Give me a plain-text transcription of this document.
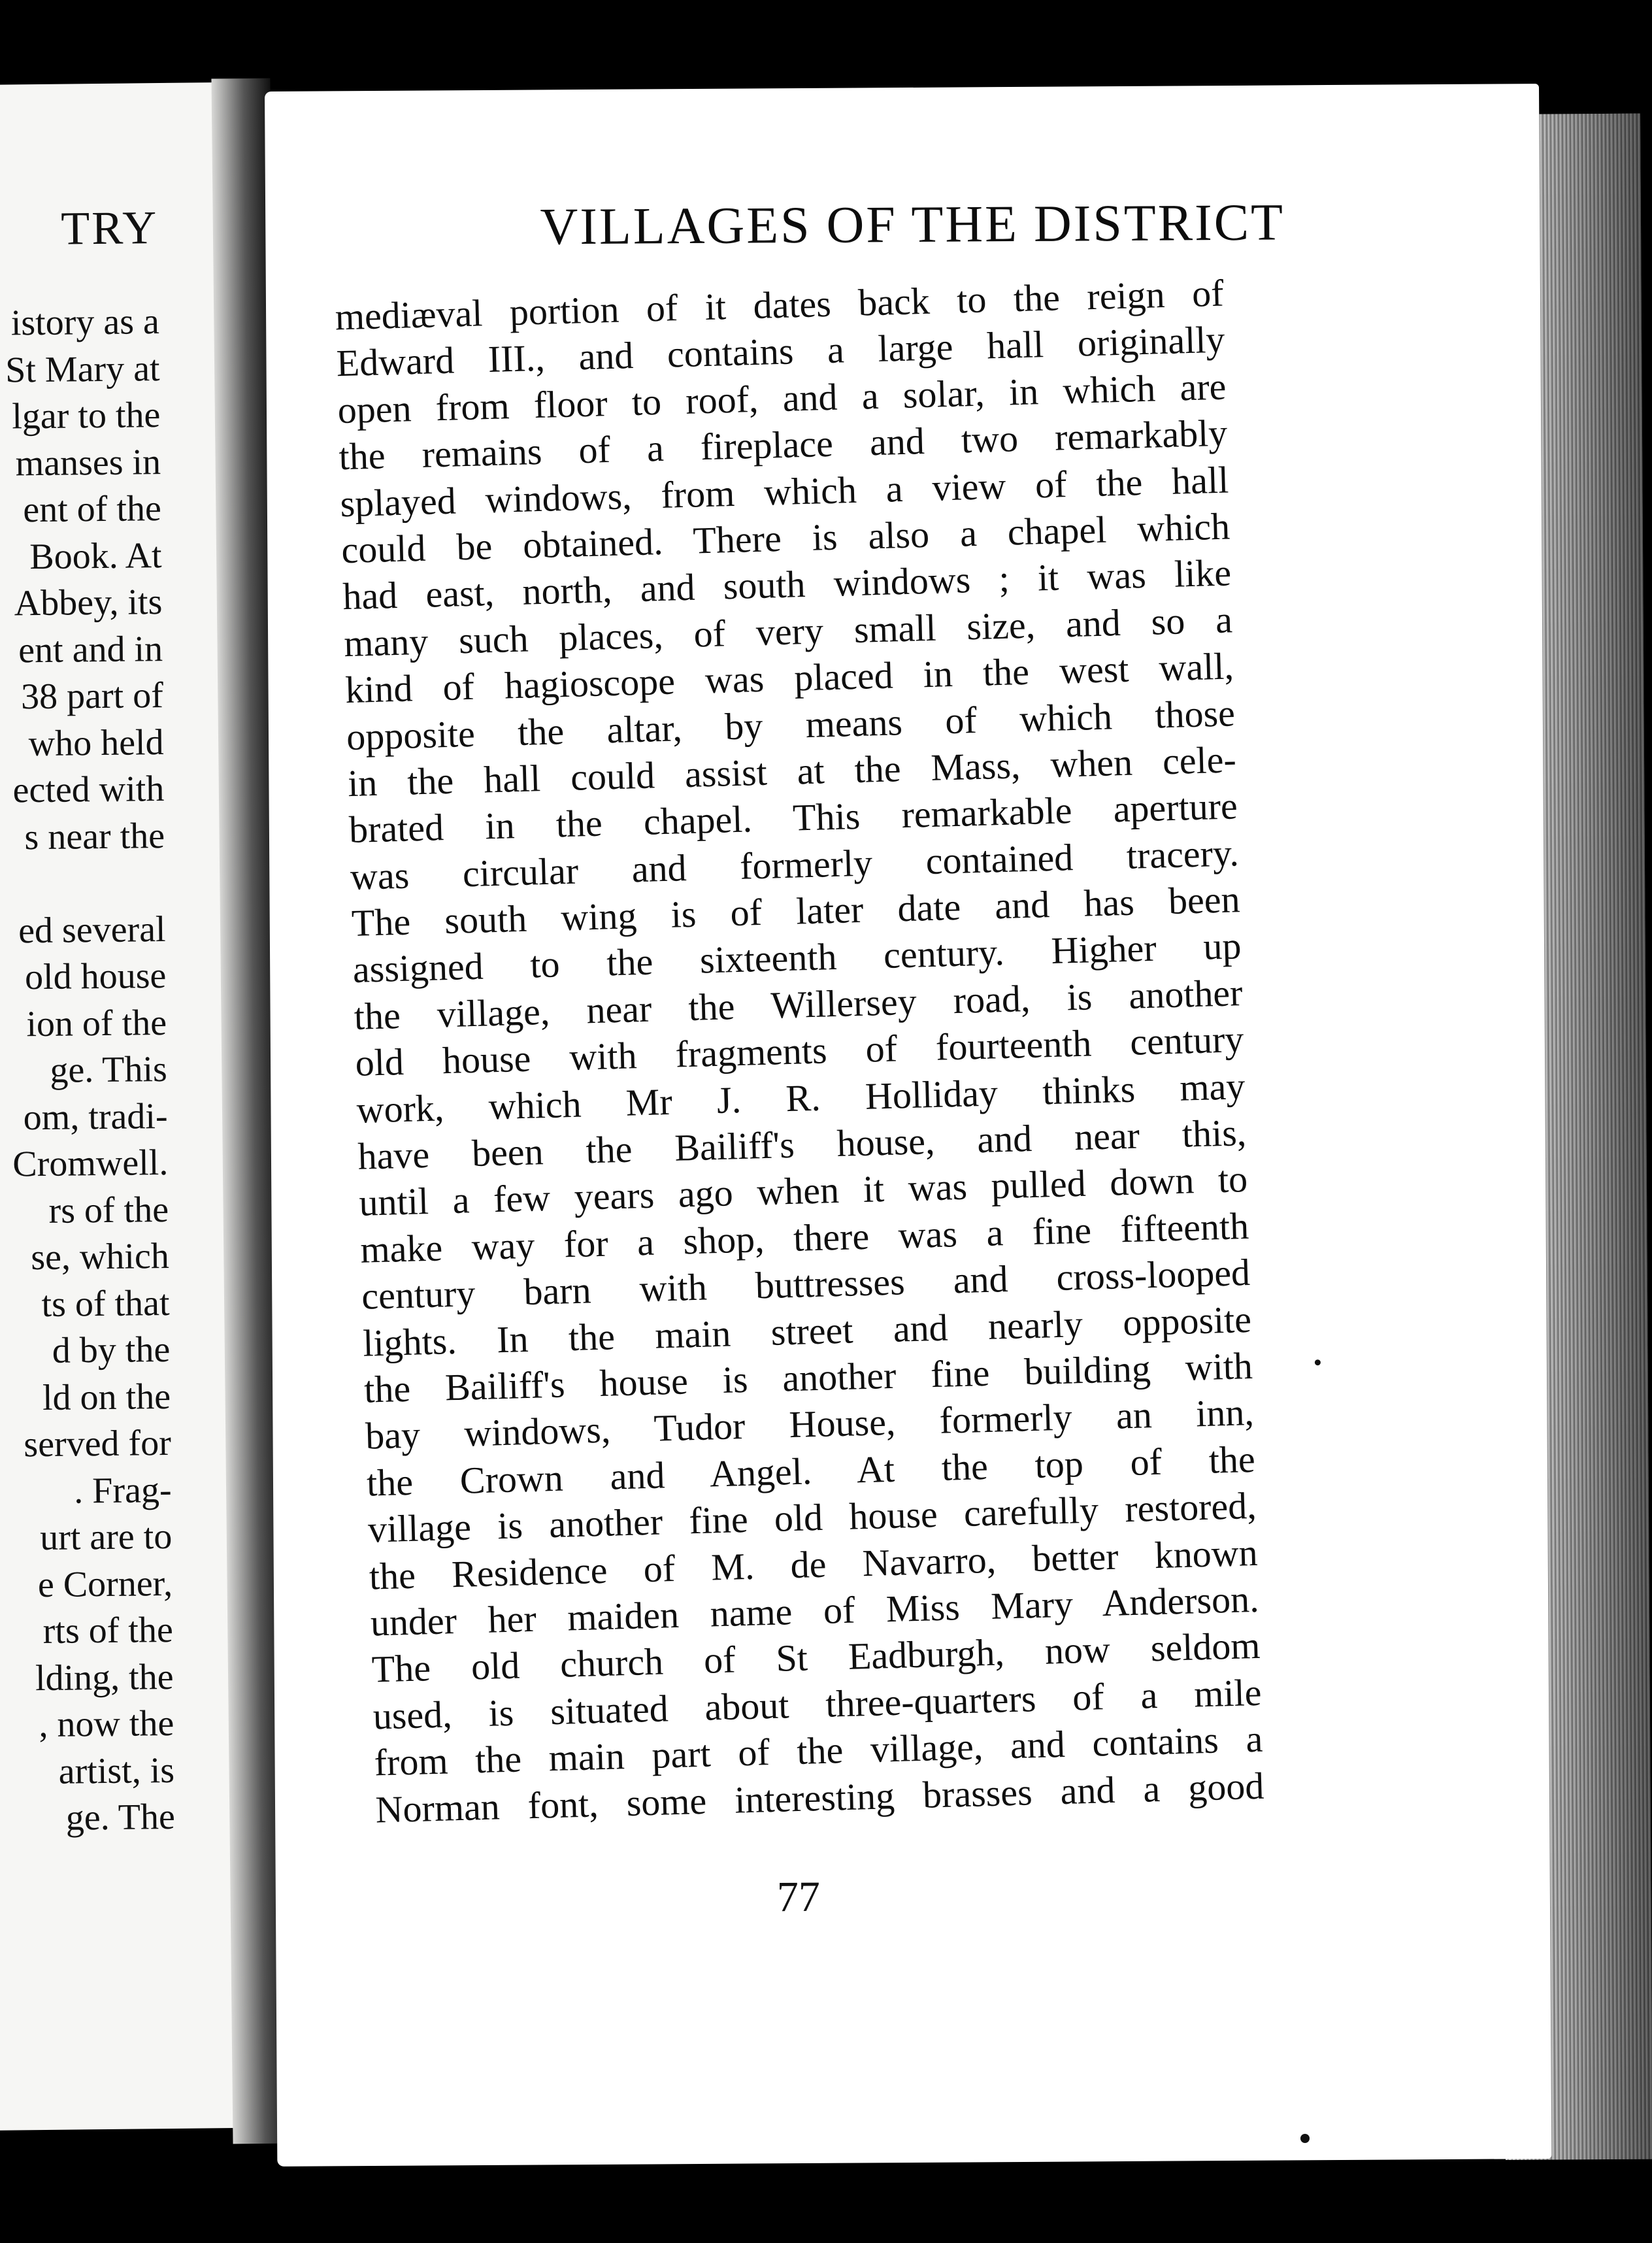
TRY
istory as a
St Mary at
lgar to the
manses in
ent of the
Book. At
Abbey, its
ent and in
38 part of
who held
ected with
s near the
ed several
old house
ion of the
ge. This
om, tradi-
Cromwell.
rs of the
se, which
ts of that
d by the
ld on the
served for
. Frag-
urt are to
e Corner,
rts of the
lding, the
, now the
artist, is
ge. The
VILLAGES OF THE DISTRICT
mediæval portion of it dates back to the reign of
Edward III., and contains a large hall originally
open from floor to roof, and a solar, in which are
the remains of a fireplace and two remarkably
splayed windows, from which a view of the hall
could be obtained. There is also a chapel which
had east, north, and south windows ; it was like
many such places, of very small size, and so a
kind of hagioscope was placed in the west wall,
opposite the altar, by means of which those
in the hall could assist at the Mass, when cele-
brated in the chapel. This remarkable aperture
was circular and formerly contained tracery.
The south wing is of later date and has been
assigned to the sixteenth century. Higher up
the village, near the Willersey road, is another
old house with fragments of fourteenth century
work, which Mr J. R. Holliday thinks may
have been the Bailiff's house, and near this,
until a few years ago when it was pulled down to
make way for a shop, there was a fine fifteenth
century barn with buttresses and cross-looped
lights. In the main street and nearly opposite
the Bailiff's house is another fine building with
bay windows, Tudor House, formerly an inn,
the Crown and Angel. At the top of the
village is another fine old house carefully restored,
the Residence of M. de Navarro, better known
under her maiden name of Miss Mary Anderson.
The old church of St Eadburgh, now seldom
used, is situated about three-quarters of a mile
from the main part of the village, and contains a
Norman font, some interesting brasses and a good
77
